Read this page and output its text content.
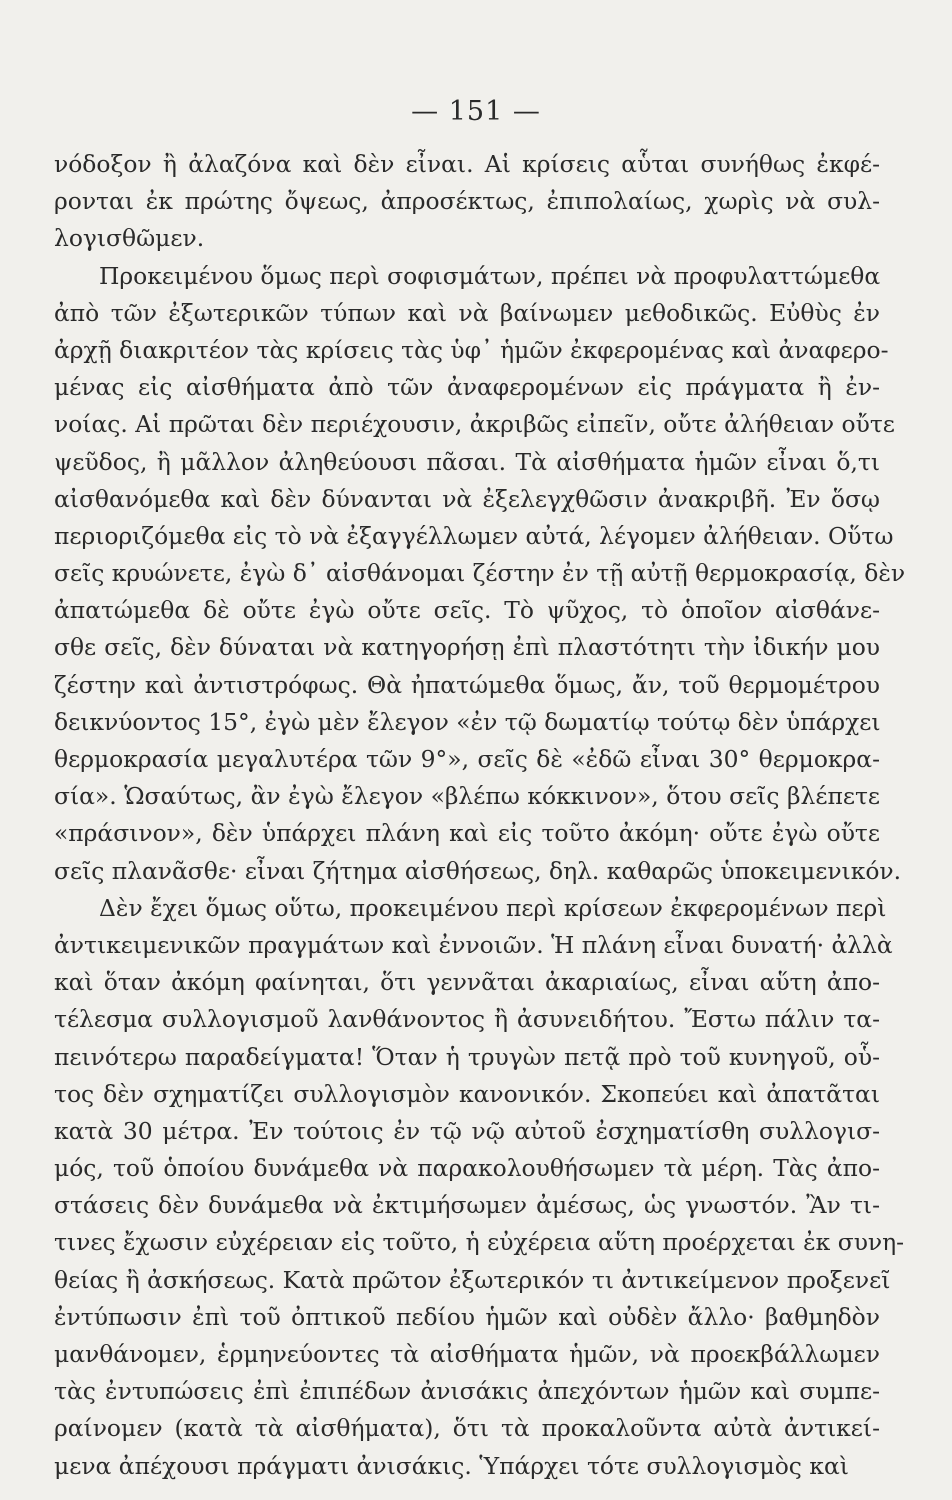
— 151 —
νόδοξον ἢ ἀλαζόνα καὶ δὲν εἶναι. Αἱ κρίσεις αὗται συνήθως ἐκφέ-
ρονται ἐκ πρώτης ὄψεως, ἀπροσέκτως, ἐπιπολαίως, χωρὶς νὰ συλ-
λογισθῶμεν.
Προκειμένου ὅμως περὶ σοφισμάτων, πρέπει νὰ προφυλαττώμεθα
ἀπὸ τῶν ἐξωτερικῶν τύπων καὶ νὰ βαίνωμεν μεθοδικῶς. Εὐθὺς ἐν
ἀρχῇ διακριτέον τὰς κρίσεις τὰς ὑφ᾽ ἡμῶν ἐκφερομένας καὶ ἀναφερο-
μένας εἰς αἰσθήματα ἀπὸ τῶν ἀναφερομένων εἰς πράγματα ἢ ἐν-
νοίας. Αἱ πρῶται δὲν περιέχουσιν, ἀκριβῶς εἰπεῖν, οὔτε ἀλήθειαν οὔτε
ψεῦδος, ἢ μᾶλλον ἀληθεύουσι πᾶσαι. Τὰ αἰσθήματα ἡμῶν εἶναι ὅ,τι
αἰσθανόμεθα καὶ δὲν δύνανται νὰ ἐξελεγχθῶσιν ἀνακριβῆ. Ἐν ὅσῳ
περιοριζόμεθα εἰς τὸ νὰ ἐξαγγέλλωμεν αὐτά, λέγομεν ἀλήθειαν. Οὕτω
σεῖς κρυώνετε, ἐγὼ δ᾽ αἰσθάνομαι ζέστην ἐν τῇ αὐτῇ θερμοκρασίᾳ, δὲν
ἀπατώμεθα δὲ οὔτε ἐγὼ οὔτε σεῖς. Τὸ ψῦχος, τὸ ὁποῖον αἰσθάνε-
σθε σεῖς, δὲν δύναται νὰ κατηγορήσῃ ἐπὶ πλαστότητι τὴν ἰδικήν μου
ζέστην καὶ ἀντιστρόφως. Θὰ ἠπατώμεθα ὅμως, ἄν, τοῦ θερμομέτρου
δεικνύοντος 15°, ἐγὼ μὲν ἔλεγον «ἐν τῷ δωματίῳ τούτῳ δὲν ὑπάρχει
θερμοκρασία μεγαλυτέρα τῶν 9°», σεῖς δὲ «ἐδῶ εἶναι 30° θερμοκρα-
σία». Ὡσαύτως, ἂν ἐγὼ ἔλεγον «βλέπω κόκκινον», ὅτου σεῖς βλέπετε
«πράσινον», δὲν ὑπάρχει πλάνη καὶ εἰς τοῦτο ἀκόμη· οὔτε ἐγὼ οὔτε
σεῖς πλανᾶσθε· εἶναι ζήτημα αἰσθήσεως, δηλ. καθαρῶς ὑποκειμενικόν.
Δὲν ἔχει ὅμως οὕτω, προκειμένου περὶ κρίσεων ἐκφερομένων περὶ
ἀντικειμενικῶν πραγμάτων καὶ ἐννοιῶν. Ἡ πλάνη εἶναι δυνατή· ἀλλὰ
καὶ ὅταν ἀκόμη φαίνηται, ὅτι γεννᾶται ἀκαριαίως, εἶναι αὕτη ἀπο-
τέλεσμα συλλογισμοῦ λανθάνοντος ἢ ἀσυνειδήτου. Ἔστω πάλιν τα-
πεινότερω παραδείγματα! Ὅταν ἡ τρυγὼν πετᾷ πρὸ τοῦ κυνηγοῦ, οὗ-
τος δὲν σχηματίζει συλλογισμὸν κανονικόν. Σκοπεύει καὶ ἀπατᾶται
κατὰ 30 μέτρα. Ἐν τούτοις ἐν τῷ νῷ αὐτοῦ ἐσχηματίσθη συλλογισ-
μός, τοῦ ὁποίου δυνάμεθα νὰ παρακολουθήσωμεν τὰ μέρη. Τὰς ἀπο-
στάσεις δὲν δυνάμεθα νὰ ἐκτιμήσωμεν ἀμέσως, ὡς γνωστόν. Ἂν τι-
τινες ἔχωσιν εὐχέρειαν εἰς τοῦτο, ἡ εὐχέρεια αὕτη προέρχεται ἐκ συνη-
θείας ἢ ἀσκήσεως. Κατὰ πρῶτον ἐξωτερικόν τι ἀντικείμενον προξενεῖ
ἐντύπωσιν ἐπὶ τοῦ ὀπτικοῦ πεδίου ἡμῶν καὶ οὐδὲν ἄλλο· βαθμηδὸν
μανθάνομεν, ἑρμηνεύοντες τὰ αἰσθήματα ἡμῶν, νὰ προεκβάλλωμεν
τὰς ἐντυπώσεις ἐπὶ ἐπιπέδων ἀνισάκις ἀπεχόντων ἡμῶν καὶ συμπε-
ραίνομεν (κατὰ τὰ αἰσθήματα), ὅτι τὰ προκαλοῦντα αὐτὰ ἀντικεί-
μενα ἀπέχουσι πράγματι ἀνισάκις. Ὑπάρχει τότε συλλογισμὸς καὶ
